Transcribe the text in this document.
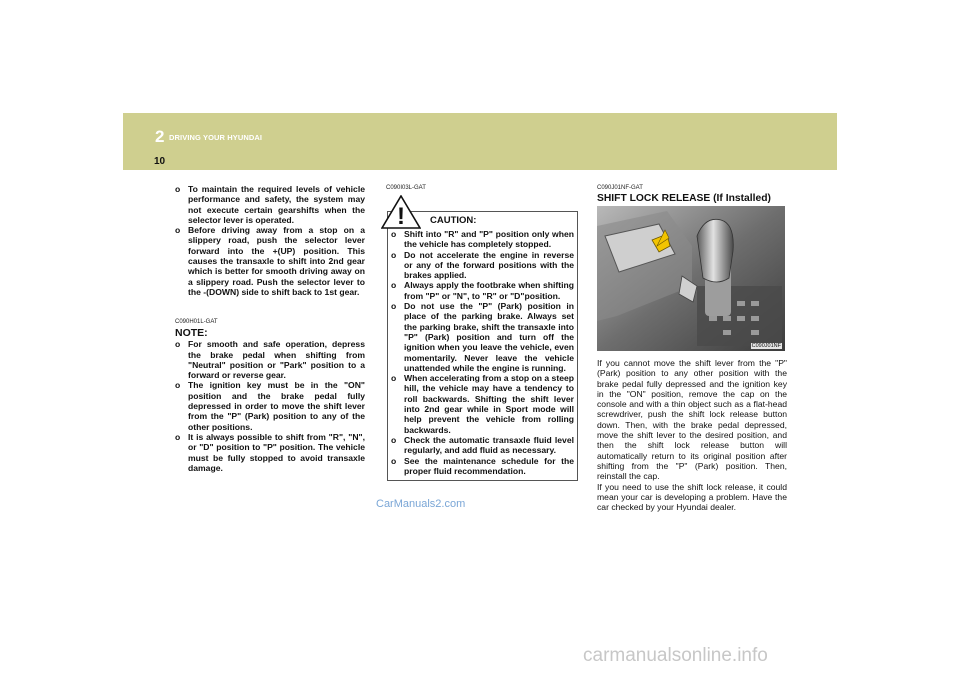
2 DRIVING YOUR HYUNDAI
10

o To maintain the required levels of vehicle performance and safety, the system may not execute certain gearshifts when the selector lever is operated.

o Before driving away from a stop on a slippery road, push the selector lever forward into the +(UP) position. This causes the transaxle to shift into 2nd gear which is better for smooth driving away on a slippery road. Push the selector lever to the -(DOWN) side to shift back to 1st gear.

C090H01L-GAT

NOTE:

o For smooth and safe operation, depress the brake pedal when shifting from "Neutral" position or "Park" position to a forward or reverse gear.

o The ignition key must be in the "ON" position and the brake pedal fully depressed in order to move the shift lever from the "P" (Park) position to any of the other positions.

o It is always possible to shift from "R", "N", or "D" position to "P" position. The vehicle must be fully stopped to avoid transaxle damage.

C090I03L-GAT
!	CAUTION:

o Shift into "R" and "P" position only when the vehicle has completely stopped.

o Do not accelerate the engine in reverse or any of the forward positions with the brakes applied.

o Always apply the footbrake when shifting from "P" or "N", to "R" or "D"position.

o Do not use the "P" (Park) position in place of the parking brake. Always set the parking brake, shift the transaxle into "P" (Park) position and turn off the ignition when you leave the vehicle, even momentarily. Never leave the vehicle unattended while the engine is running.

o When accelerating from a stop on a steep hill, the vehicle may have a tendency to roll backwards. Shifting the shift lever into 2nd gear while in Sport mode will help prevent the vehicle from rolling backwards.

o Check the automatic transaxle fluid level regularly, and add fluid as necessary.

o See the maintenance schedule for the proper fluid recommendation.

CarManuals2.com

C090J01NF-GAT

SHIFT LOCK RELEASE (If Installed)

C090J01NF

If you cannot move the shift lever from the "P" (Park) position to any other position with the brake pedal fully depressed and the ignition key in the "ON" position, remove the cap on the console and with a thin object such as a flat-head screwdriver, push the shift lock release button down. Then, with the brake pedal depressed, move the shift lever to the desired position, and then the shift lock release button will automatically return to its original position after shifting from the "P" (Park) position. Then, reinstall the cap.

If you need to use the shift lock release, it could mean your car is developing a problem. Have the car checked by your Hyundai dealer.

carmanualsonline.info
